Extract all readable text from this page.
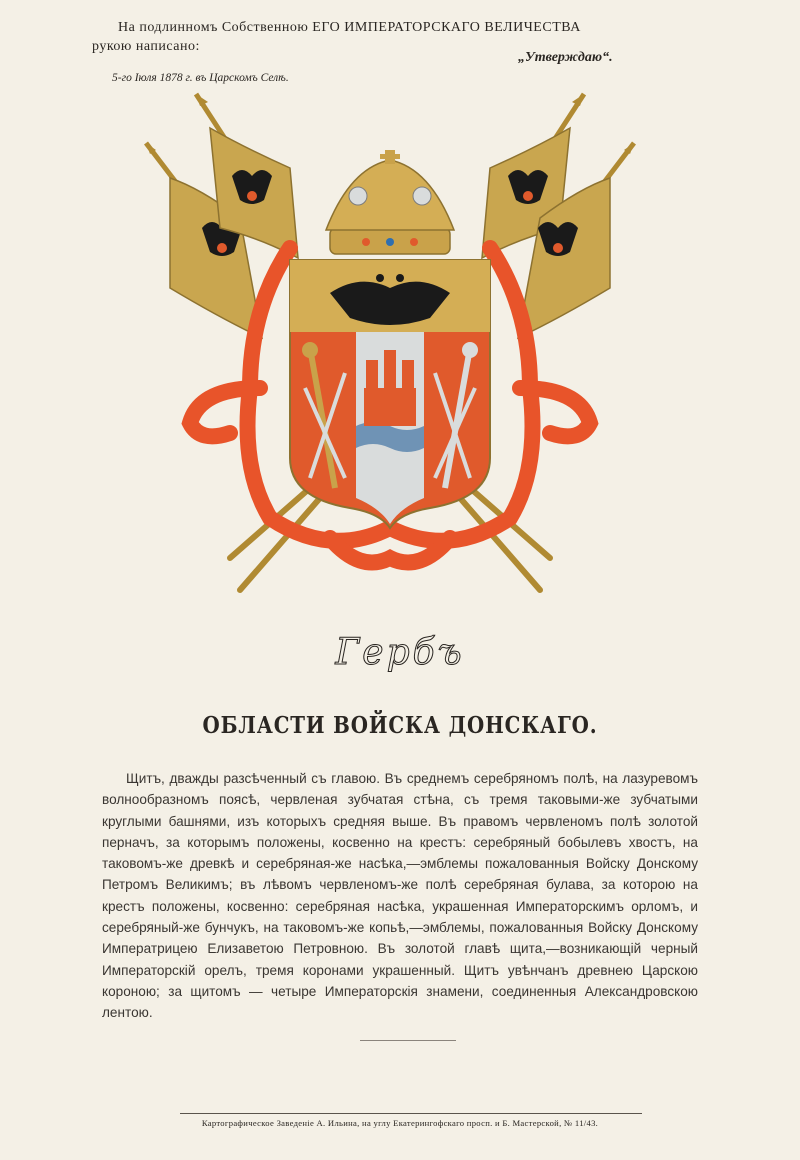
На подлинномъ Собственною ЕГО ИМПЕРАТОРСКАГО ВЕЛИЧЕСТВА
рукою написано:
„Утверждаю“.
5-го Іюля 1878 г. въ Царскомъ Селѣ.
Гербъ
ОБЛАСТИ ВОЙСКА ДОНСКАГО.
Щитъ, дважды разсѣченный съ главою. Въ среднемъ серебряномъ полѣ, на лазуревомъ волнообразномъ поясѣ, червленая зубчатая стѣна, съ тремя таковыми-же зубчатыми круглыми башнями, изъ которыхъ средняя выше. Въ правомъ червленомъ полѣ золотой перначъ, за которымъ положены, косвенно на крестъ: серебряный бобылевъ хвостъ, на таковомъ-же древкѣ и серебряная-же насѣка,—эмблемы пожалованныя Войску Донскому Петромъ Великимъ; въ лѣвомъ червленомъ-же полѣ серебряная булава, за которою на крестъ положены, косвенно: серебряная насѣка, украшенная Императорскимъ орломъ, и серебряный-же бунчукъ, на таковомъ-же копьѣ,—эмблемы, пожалованныя Войску Донскому Императрицею Елизаветою Петровною. Въ золотой главѣ щита,—возникающій черный Императорскій орелъ, тремя коронами украшенный. Щитъ увѣнчанъ древнею Царскою короною; за щитомъ — четыре Императорскія знамени, соединенныя Александровскою лентою.
Картографическое Заведеніе А. Ильина, на углу Екатерингофскаго просп. и Б. Мастерской, № 11/43.
